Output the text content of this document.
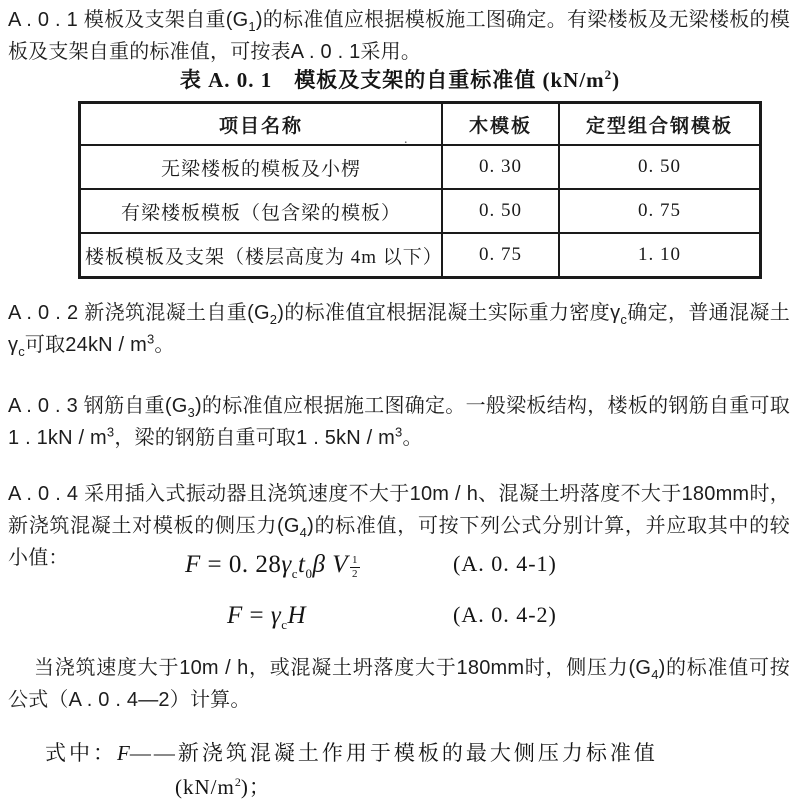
A . 0 . 1 模板及支架自重$(G_1)$的标准值应根据模板施工图确定。有梁楼板及无梁楼板的模板及支架自重的标准值，可按表A . 0 . 1采用。
表 A. 0. 1　模板及支架的自重标准值 $(kN/m^2)$
项目名称	木模板	定型组合钢模板
无梁楼板的模板及小楞	0. 30	0. 50
有梁楼板模板（包含梁的模板）	0. 50	0. 75
楼板模板及支架（楼层高度为 4m 以下）	0. 75	1. 10
.
A . 0 . 2 新浇筑混凝土自重$(G_2)$的标准值宜根据混凝土实际重力密度$\gamma_c$确定，普通混凝土$\gamma_c$可取$24kN / m^3$。
A . 0 . 3 钢筋自重$(G_3)$的标准值应根据施工图确定。一般梁板结构，楼板的钢筋自重可取1 . $1kN / m^3$，梁的钢筋自重可取1 . $5kN / m^3$。
A . 0 . 4 采用插入式振动器且浇筑速度不大于10m / h、混凝土坍落度不大于180mm时，新浇筑混凝土对模板的侧压力$(G_4)$的标准值，可按下列公式分别计算，并应取其中的较小值：	F = 0. $28\gamma_ct_0\beta$ V $\frac{1}{2}$	(A. 0. 4-1)
$F = \gamma_cH$	(A. 0. 4-2)
当浇筑速度大于10m / h，或混凝土坍落度大于180mm时，侧压力$(G_4)$的标准值可按公式（A . 0 . 4—2）计算。
式中：F——新浇筑混凝土作用于模板的最大侧压力标准值
$(kN/m^2)$；
